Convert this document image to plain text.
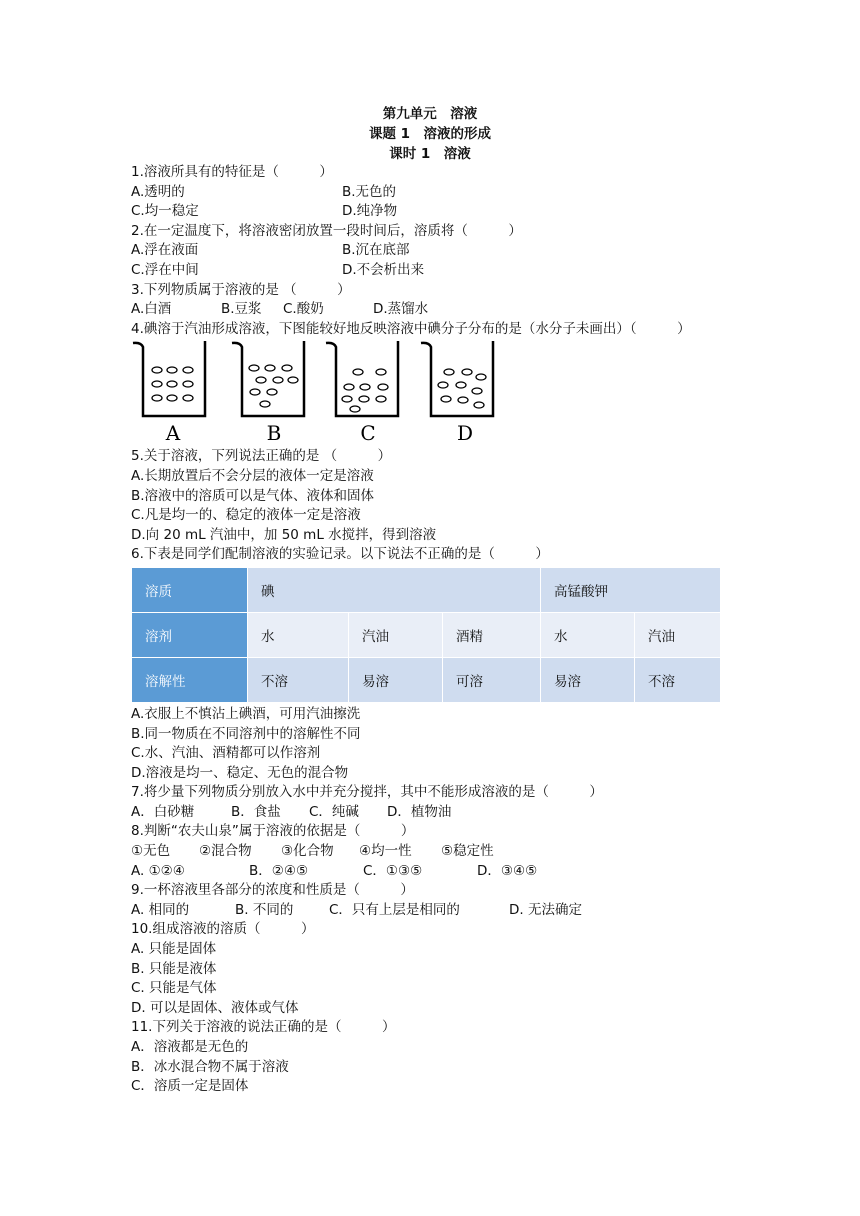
第九单元　溶液
课题 1　溶液的形成
课时 1　溶液
1.溶液所具有的特征是（　　　）
A.透明的	B.无色的
C.均一稳定	D.纯净物
2.在一定温度下，将溶液密闭放置一段时间后，溶质将（　　　）
A.浮在液面	B.沉在底部
C.浮在中间	D.不会析出来
3.下列物质属于溶液的是 （　　　）
A.白酒	B.豆浆 C.酸奶	D.蒸馏水
4.碘溶于汽油形成溶液，下图能较好地反映溶液中碘分子分布的是（水分子未画出）（　　　）
A	B	C	D
5.关于溶液，下列说法正确的是 （　　　）
A.长期放置后不会分层的液体一定是溶液
B.溶液中的溶质可以是气体、液体和固体
C.凡是均一的、稳定的液体一定是溶液
D.向 20 mL 汽油中，加 50 mL 水搅拌，得到溶液
6.下表是同学们配制溶液的实验记录。以下说法不正确的是（　　　）
溶质	碘			高锰酸钾	
溶剂	水	汽油	酒精	水	汽油
溶解性	不溶	易溶	可溶	易溶	不溶
A.衣服上不慎沾上碘酒，可用汽油擦洗
B.同一物质在不同溶剂中的溶解性不同
C.水、汽油、酒精都可以作溶剂
D.溶液是均一、稳定、无色的混合物
7.将少量下列物质分别放入水中并充分搅拌，其中不能形成溶液的是（　　　）
A．白砂糖	B．食盐 C．纯碱 D．植物油
8.判断“农夫山泉”属于溶液的依据是（　　　）
①无色 ②混合物 ③化合物 ④均一性 ⑤稳定性
A. ①②④	B．②④⑤	C．①③⑤	D．③④⑤
9.一杯溶液里各部分的浓度和性质是（　　　）
A. 相同的	B. 不同的	C．只有上层是相同的	D. 无法确定
10.组成溶液的溶质（　　　）
A. 只能是固体
B. 只能是液体
C. 只能是气体
D. 可以是固体、液体或气体
11.下列关于溶液的说法正确的是（　　　）
A．溶液都是无色的
B．冰水混合物不属于溶液
C．溶质一定是固体
